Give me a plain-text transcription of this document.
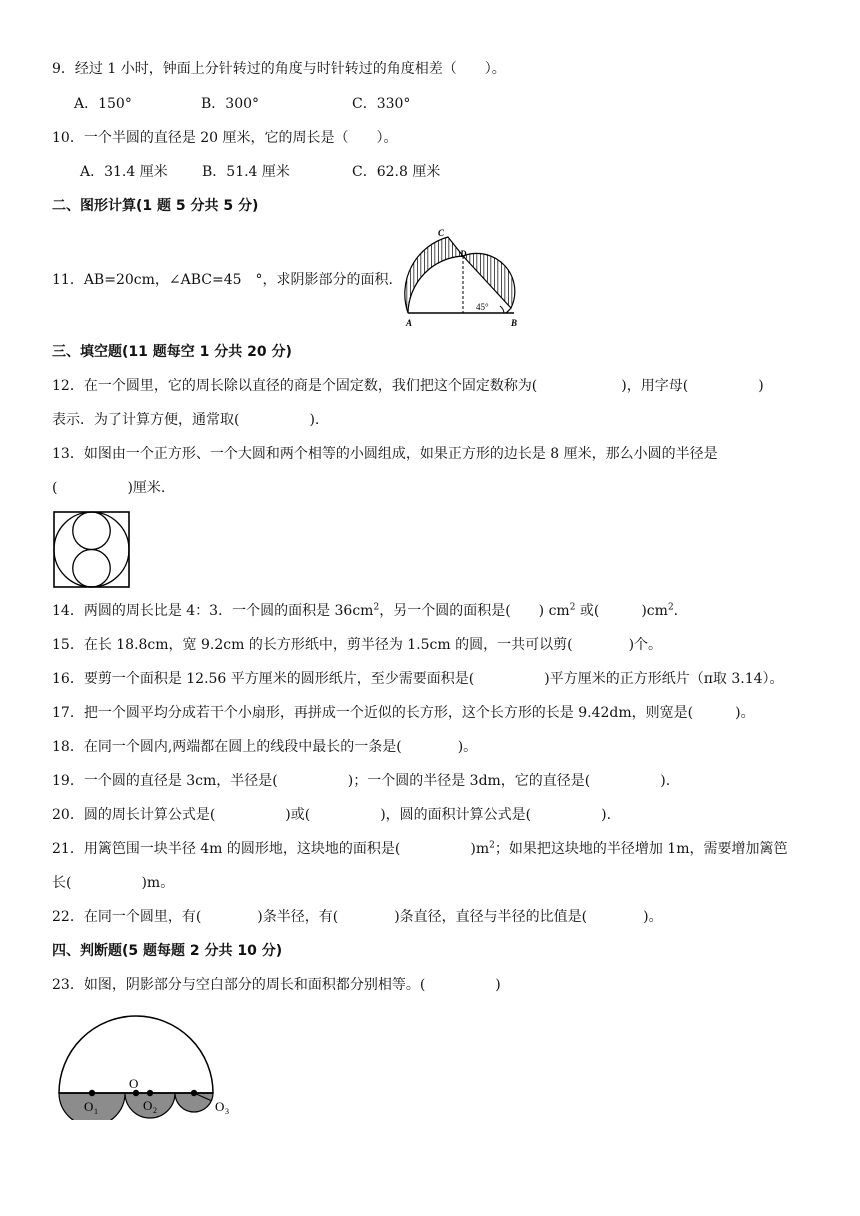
9．经过 1 小时，钟面上分针转过的角度与时针转过的角度相差（　　）。
A．150°	B．300°	C．330°
10．一个半圆的直径是 20 厘米，它的周长是（　　）。
A．31.4 厘米 B．51.4 厘米	C．62.8 厘米
二、图形计算(1 题 5 分共 5 分)
11．AB=20cm，∠ABC=45　°，求阴影部分的面积.
A	B
C
D
45°
三、填空题(11 题每空 1 分共 20 分)
12．在一个圆里，它的周长除以直径的商是个固定数，我们把这个固定数称为(　　　　　　)，用字母(　　　　　)
表示．为了计算方便，通常取(　　　　　).
13．如图由一个正方形、一个大圆和两个相等的小圆组成，如果正方形的边长是 8 厘米，那么小圆的半径是
(　　　　　)厘米.
14．两圆的周长比是 4：3．一个圆的面积是 $36cm^2$，另一个圆的面积是(　　) $cm^2$ 或(　　　)$cm^2$.
15．在长 18.8cm，宽 9.2cm 的长方形纸中，剪半径为 1.5cm 的圆，一共可以剪(　　　　)个。
16．要剪一个面积是 12.56 平方厘米的圆形纸片，至少需要面积是(　　　　　)平方厘米的正方形纸片（π取 3.14）。
17．把一个圆平均分成若干个小扇形，再拼成一个近似的长方形，这个长方形的长是 9.42dm，则宽是(　　　)。
18．在同一个圆内,两端都在圆上的线段中最长的一条是(　　　　)。
19．一个圆的直径是 3cm，半径是(　　　　　)；一个圆的半径是 3dm，它的直径是(　　　　　).
20．圆的周长计算公式是(　　　　　)或(　　　　　)，圆的面积计算公式是(　　　　　).
21．用篱笆围一块半径 4m 的圆形地，这块地的面积是(　　　　　)$m^2$；如果把这块地的半径增加 1m，需要增加篱笆
长(　　　　　)m。
22．在同一个圆里，有(　　　　)条半径，有(　　　　)条直径，直径与半径的比值是(　　　　)。
四、判断题(5 题每题 2 分共 10 分)
23．如图，阴影部分与空白部分的周长和面积都分别相等。(　　　　　)
O
O 1	O 2	O 3
